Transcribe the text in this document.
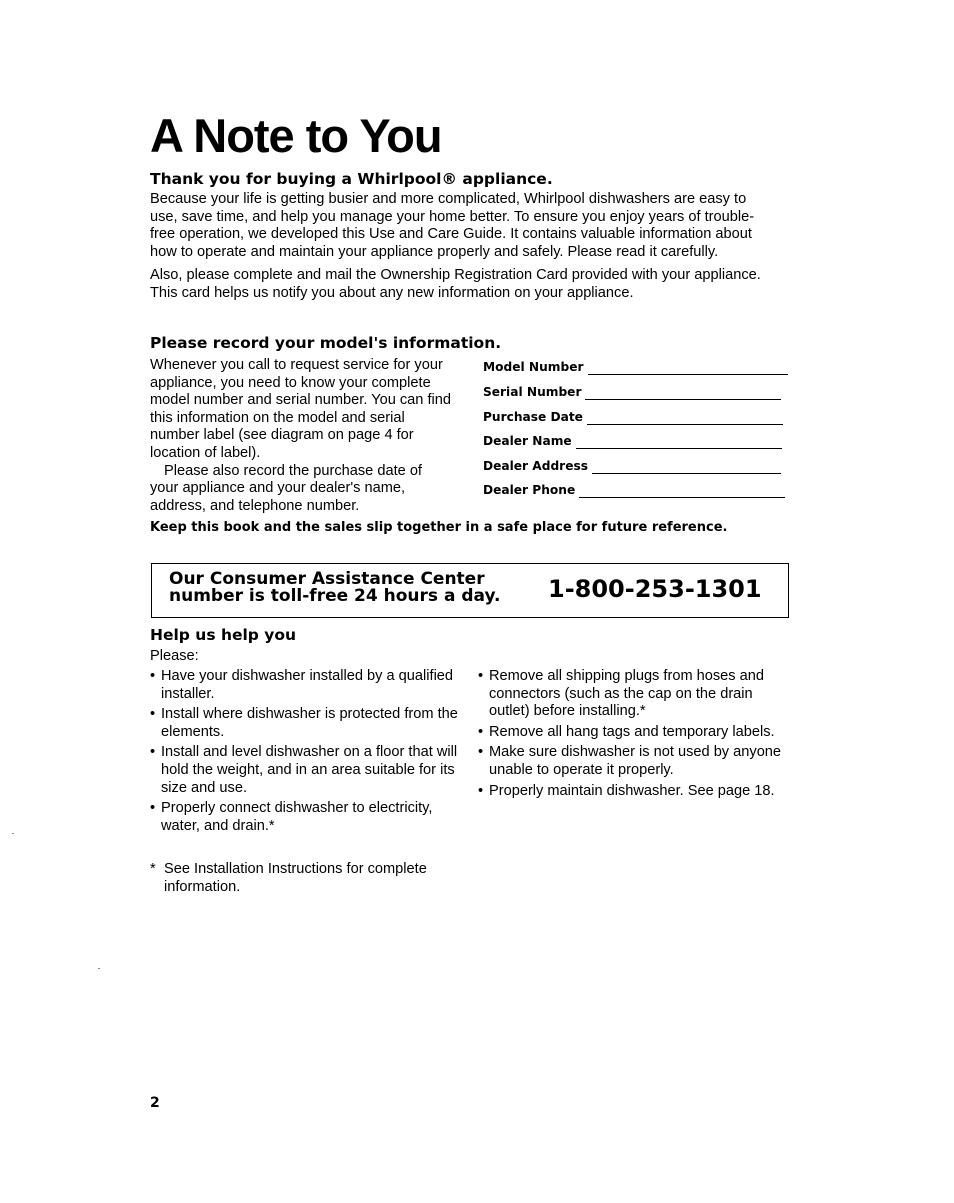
A Note to You
Thank you for buying a Whirlpool® appliance.

Because your life is getting busier and more complicated, Whirlpool dishwashers are easy to use, save time, and help you manage your home better. To ensure you enjoy years of trouble-free operation, we developed this Use and Care Guide. It contains valuable information about how to operate and maintain your appliance properly and safely. Please read it carefully.

Also, please complete and mail the Ownership Registration Card provided with your appliance. This card helps us notify you about any new information on your appliance.

Please record your model's information.

Whenever you call to request service for your appliance, you need to know your complete model number and serial number. You can find this information on the model and serial number label (see diagram on page 4 for location of label).

Please also record the purchase date of your appliance and your dealer's name, address, and telephone number.

Model Number
Serial Number
Purchase Date
Dealer Name
Dealer Address
Dealer Phone
Keep this book and the sales slip together in a safe place for future reference.
Our Consumer Assistance Center
number is toll-free 24 hours a day. 1-800-253-1301
Help us help you
Please:
• Have your dishwasher installed by a qualified installer.
• Install where dishwasher is protected from the elements.
• Install and level dishwasher on a floor that will hold the weight, and in an area suitable for its size and use.
• Properly connect dishwasher to electricity, water, and drain.*
• Remove all shipping plugs from hoses and connectors (such as the cap on the drain outlet) before installing.*
• Remove all hang tags and temporary labels.
• Make sure dishwasher is not used by anyone unable to operate it properly.
• Properly maintain dishwasher. See page 18.
* See Installation Instructions for complete information.
2
